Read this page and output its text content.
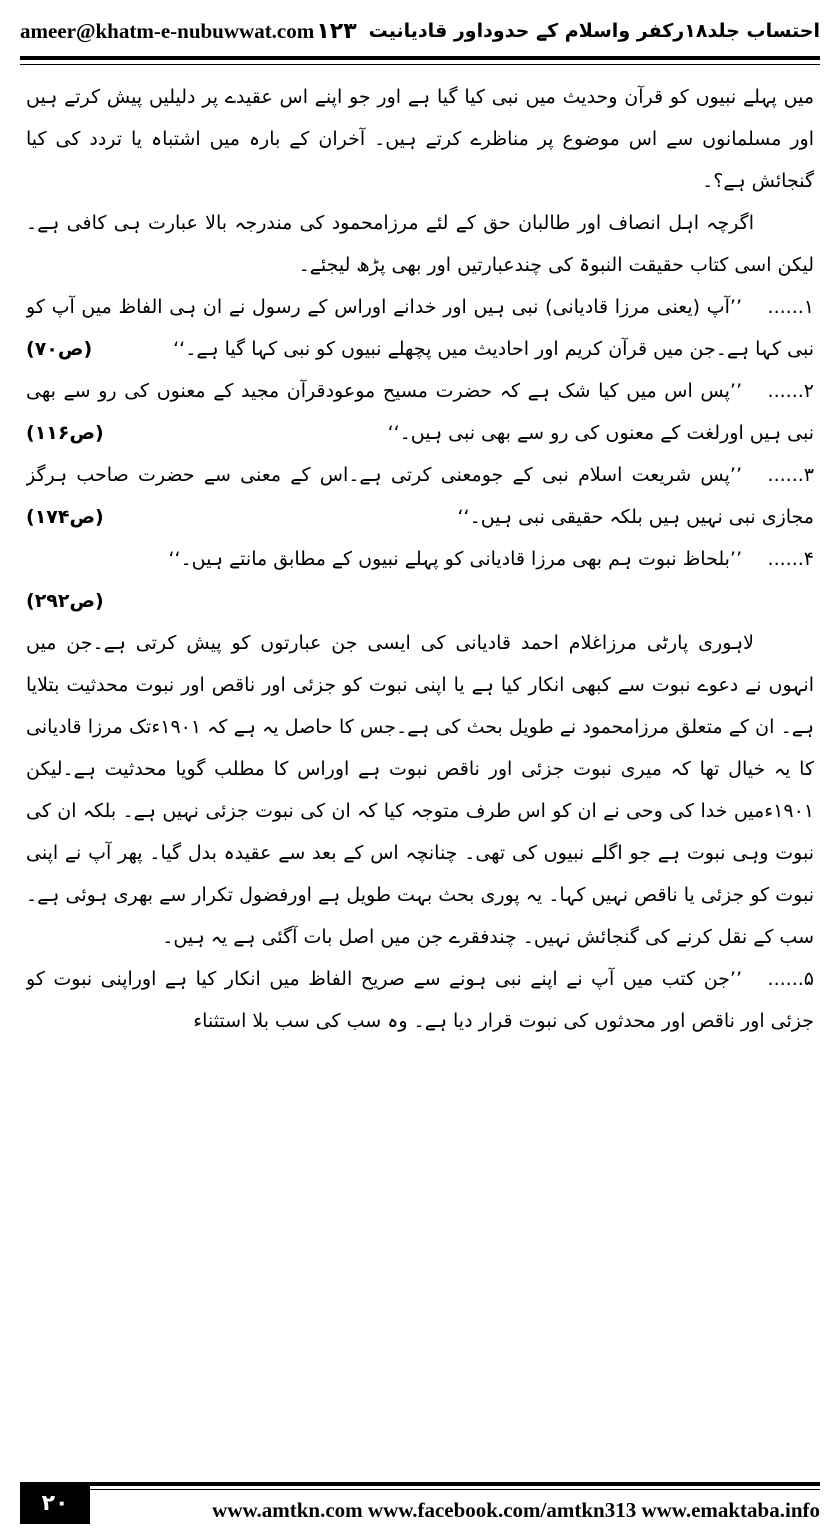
ameer@khatm-e-nubuwwat.com	احتساب جلد۱۸رکفر واسلام کے حدوداور قادیانیت
۱۲۳

میں پہلے نبیوں کو قرآن وحدیث میں نبی کیا گیا ہے اور جو اپنے اس عقیدے پر دلیلیں پیش کرتے ہیں اور مسلمانوں سے اس موضوع پر مناظرے کرتے ہیں۔ آخران کے بارہ میں اشتباہ یا تردد کی کیا گنجائش ہے؟۔

اگرچہ اہل انصاف اور طالبان حق کے لئے مرزامحمود کی مندرجہ بالا عبارت ہی کافی ہے۔لیکن اسی کتاب حقیقت النبوۃ کی چندعبارتیں اور بھی پڑھ لیجئے۔

۱......’’آپ (یعنی مرزا قادیانی) نبی ہیں اور خدانے اوراس کے رسول نے ان ہی الفاظ میں آپ کو نبی کہا ہے۔جن میں قرآن کریم اور احادیث میں پچھلے نبیوں کو نبی کہا گیا ہے۔‘‘
(ص۷۰)
۲......’’پس اس میں کیا شک ہے کہ حضرت مسیح موعودقرآن مجید کے معنوں کی رو سے بھی نبی ہیں اورلغت کے معنوں کی رو سے بھی نبی ہیں۔‘‘
(ص۱۱۶)
۳......’’پس شریعت اسلام نبی کے جومعنی کرتی ہے۔اس کے معنی سے حضرت صاحب ہرگز مجازی نبی نہیں ہیں بلکہ حقیقی نبی ہیں۔‘‘
(ص۱۷۴)
۴......’’بلحاظ نبوت ہم بھی مرزا قادیانی کو پہلے نبیوں کے مطابق مانتے ہیں۔‘‘
(ص۲۹۲)

لاہوری پارٹی مرزاغلام احمد قادیانی کی ایسی جن عبارتوں کو پیش کرتی ہے۔جن میں انہوں نے دعوے نبوت سے کبھی انکار کیا ہے یا اپنی نبوت کو جزئی اور ناقص اور نبوت محدثیت بتلایا ہے۔ ان کے متعلق مرزامحمود نے طویل بحث کی ہے۔جس کا حاصل یہ ہے کہ ۱۹۰۱ءتک مرزا قادیانی کا یہ خیال تھا کہ میری نبوت جزئی اور ناقص نبوت ہے اوراس کا مطلب گویا محدثیت ہے۔لیکن ۱۹۰۱ءمیں خدا کی وحی نے ان کو اس طرف متوجہ کیا کہ ان کی نبوت جزئی نہیں ہے۔ بلکہ ان کی نبوت وہی نبوت ہے جو اگلے نبیوں کی تھی۔ چنانچہ اس کے بعد سے عقیدہ بدل گیا۔ پھر آپ نے اپنی نبوت کو جزئی یا ناقص نہیں کہا۔ یہ پوری بحث بہت طویل ہے اورفضول تکرار سے بھری ہوئی ہے۔سب کے نقل کرنے کی گنجائش نہیں۔ چندفقرے جن میں اصل بات آگئی ہے یہ ہیں۔

۵......’’جن کتب میں آپ نے اپنے نبی ہونے سے صریح الفاظ میں انکار کیا ہے اوراپنی نبوت کو جزئی اور ناقص اور محدثوں کی نبوت قرار دیا ہے۔ وہ سب کی سب بلا استثناء
۲۰	www.amtkn.com www.facebook.com/amtkn313 www.emaktaba.info
